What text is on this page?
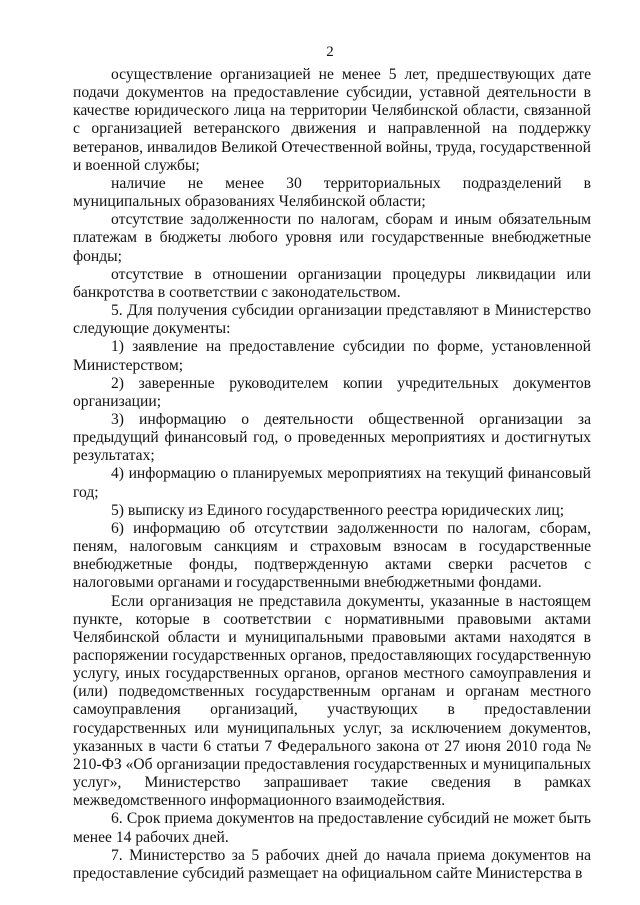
2

осуществление организацией не менее 5 лет, предшествующих дате подачи документов на предоставление субсидии, уставной деятельности в качестве юридического лица на территории Челябинской области, связанной с организацией ветеранского движения и направленной на поддержку ветеранов, инвалидов Великой Отечественной войны, труда, государственной и военной службы;

наличие не менее 30 территориальных подразделений в муниципальных образованиях Челябинской области;

отсутствие задолженности по налогам, сборам и иным обязательным платежам в бюджеты любого уровня или государственные внебюджетные фонды;

отсутствие в отношении организации процедуры ликвидации или банкротства в соответствии с законодательством.

5. Для получения субсидии организации представляют в Министерство следующие документы:

1) заявление на предоставление субсидии по форме, установленной Министерством;

2) заверенные руководителем копии учредительных документов организации;

3) информацию о деятельности общественной организации за предыдущий финансовый год, о проведенных мероприятиях и достигнутых результатах;

4) информацию о планируемых мероприятиях на текущий финансовый год;

5) выписку из Единого государственного реестра юридических лиц;

6) информацию об отсутствии задолженности по налогам, сборам, пеням, налоговым санкциям и страховым взносам в государственные внебюджетные фонды, подтвержденную актами сверки расчетов с налоговыми органами и государственными внебюджетными фондами.

Если организация не представила документы, указанные в настоящем пункте, которые в соответствии с нормативными правовыми актами Челябинской области и муниципальными правовыми актами находятся в распоряжении государственных органов, предоставляющих государственную услугу, иных государственных органов, органов местного самоуправления и (или) подведомственных государственным органам и органам местного самоуправления организаций, участвующих в предоставлении государственных или муниципальных услуг, за исключением документов, указанных в части 6 статьи 7 Федерального закона от 27 июня 2010 года № 210-ФЗ «Об организации предоставления государственных и муниципальных услуг», Министерство запрашивает такие сведения в рамках межведомственного информационного взаимодействия.

6. Срок приема документов на предоставление субсидий не может быть менее 14 рабочих дней.

7. Министерство за 5 рабочих дней до начала приема документов на предоставление субсидий размещает на официальном сайте Министерства в
